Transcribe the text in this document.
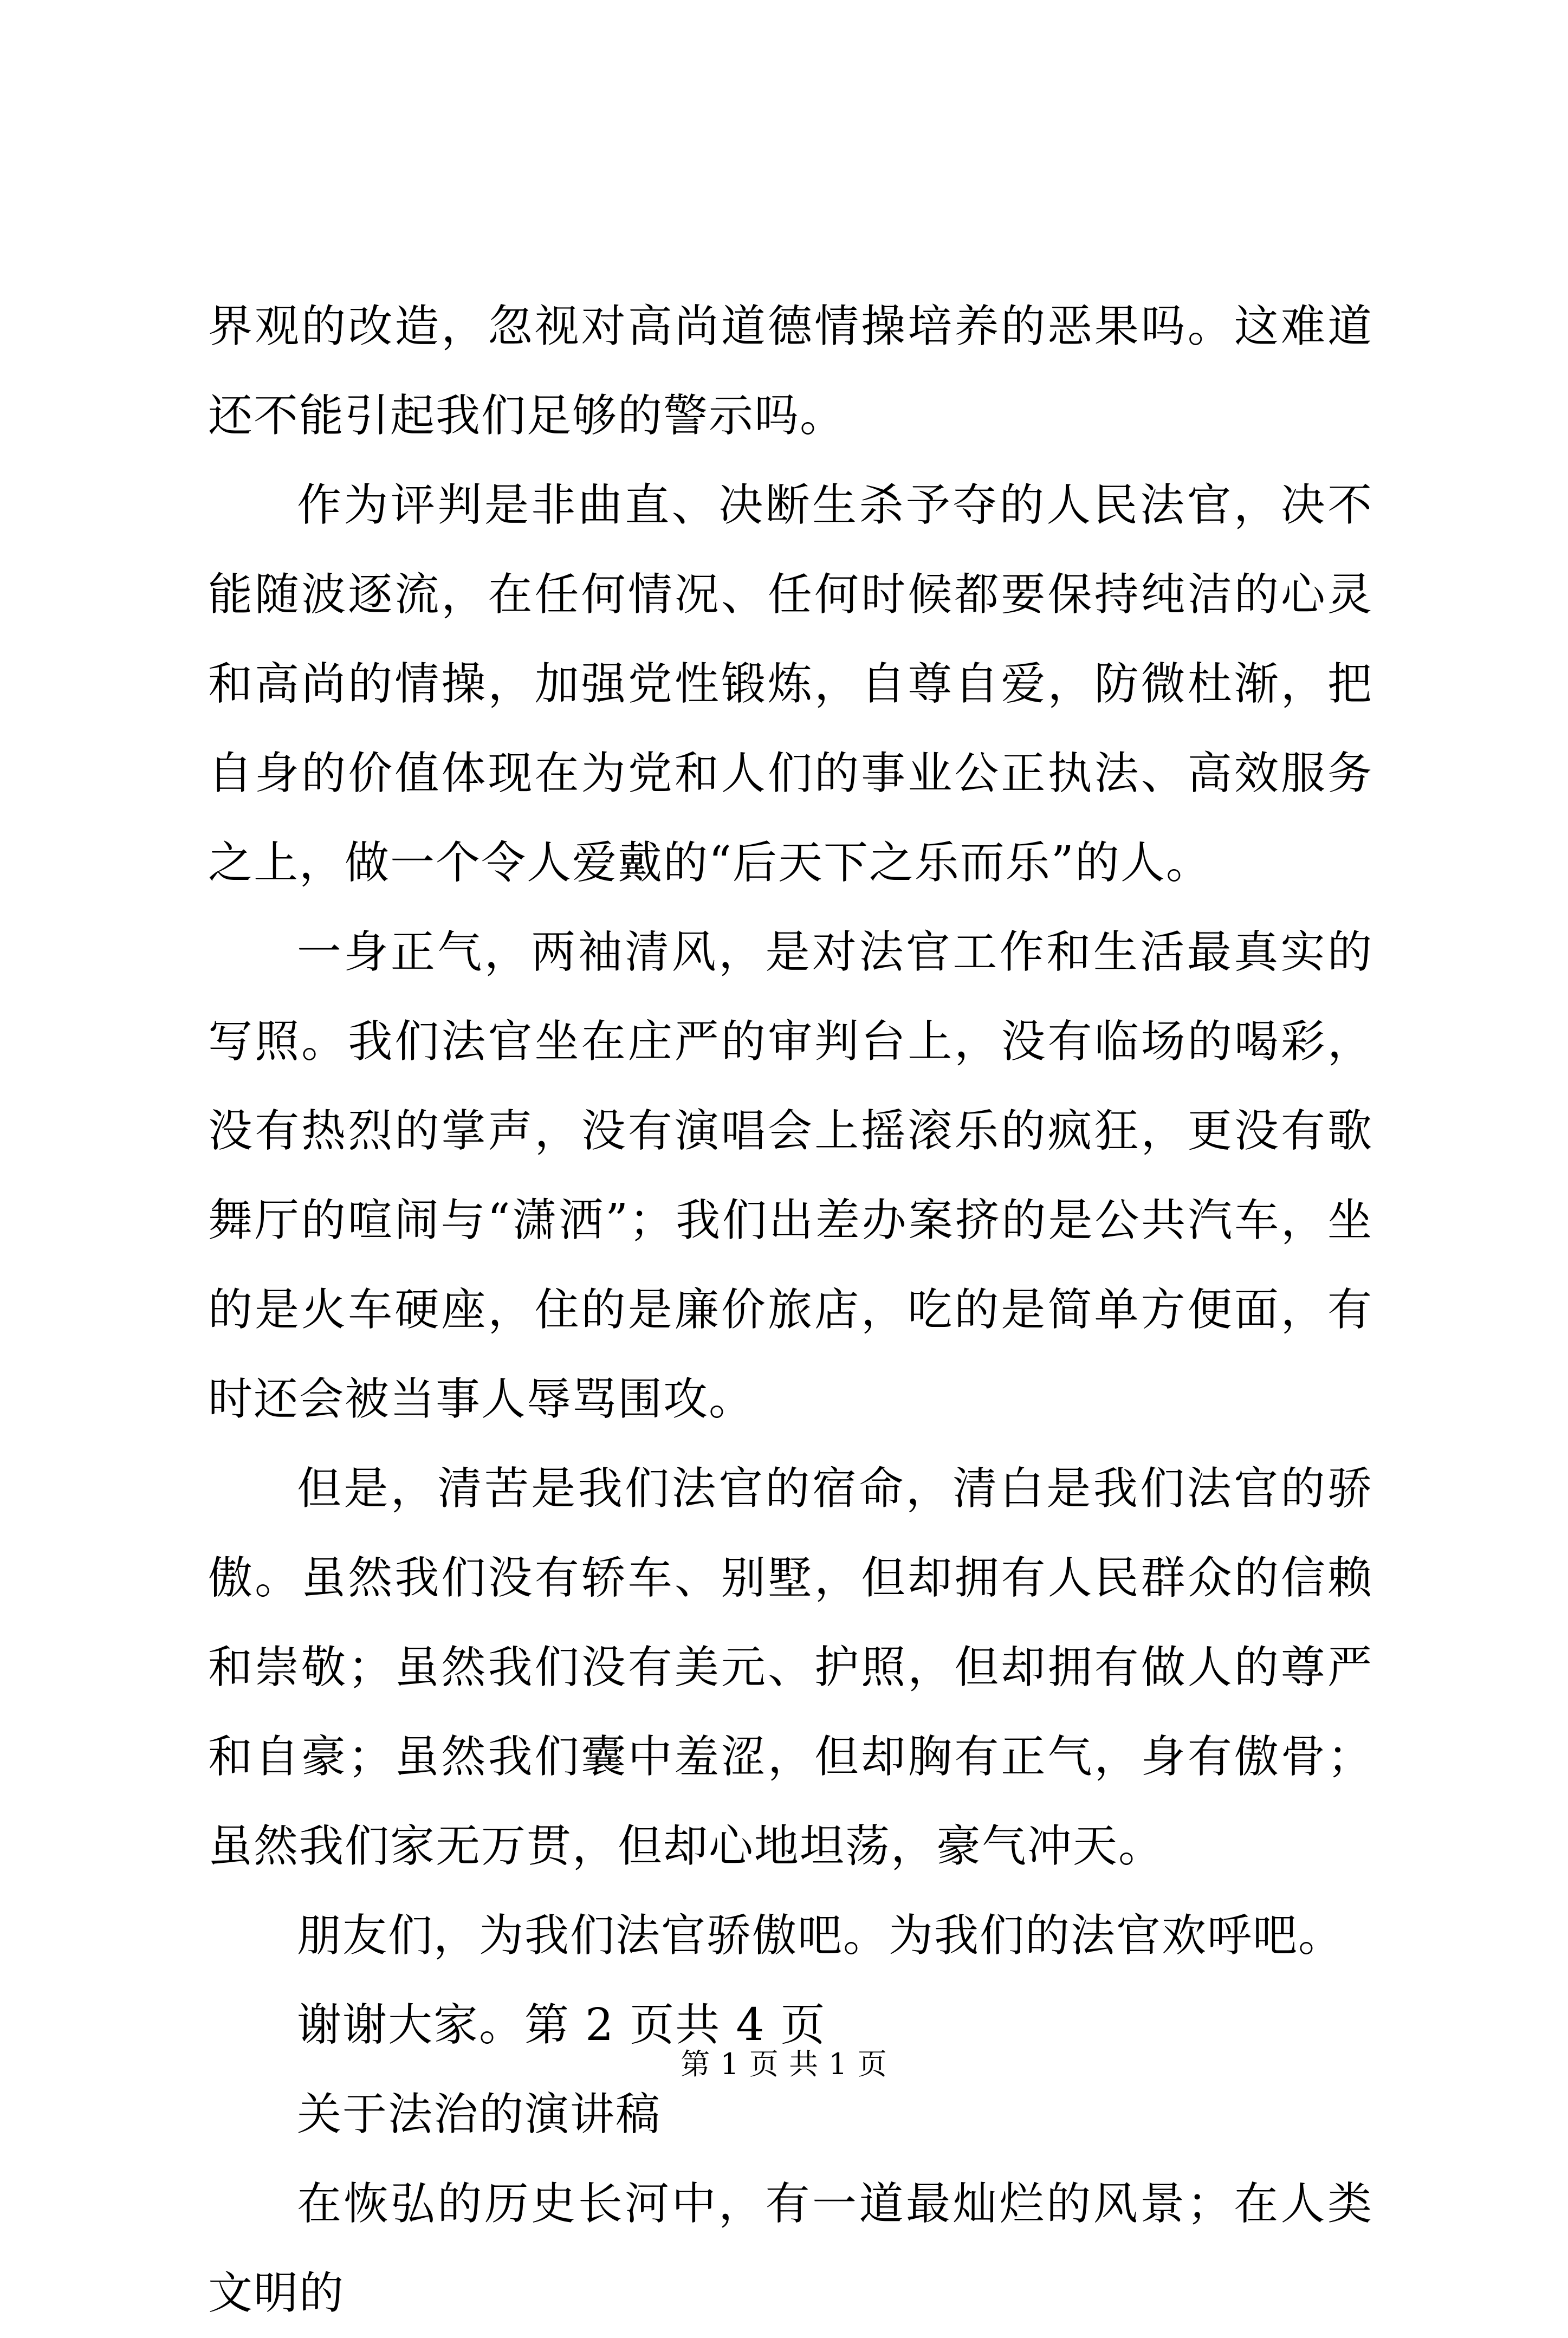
界观的改造，忽视对高尚道德情操培养的恶果吗。这难道还不能引起我们足够的警示吗。

作为评判是非曲直、决断生杀予夺的人民法官，决不能随波逐流，在任何情况、任何时候都要保持纯洁的心灵和高尚的情操，加强党性锻炼，自尊自爱，防微杜渐，把自身的价值体现在为党和人们的事业公正执法、高效服务之上，做一个令人爱戴的“后天下之乐而乐”的人。

一身正气，两袖清风，是对法官工作和生活最真实的写照。我们法官坐在庄严的审判台上，没有临场的喝彩，没有热烈的掌声，没有演唱会上摇滚乐的疯狂，更没有歌舞厅的喧闹与“潇洒”；我们出差办案挤的是公共汽车，坐的是火车硬座，住的是廉价旅店，吃的是简单方便面，有时还会被当事人辱骂围攻。

但是，清苦是我们法官的宿命，清白是我们法官的骄傲。虽然我们没有轿车、别墅，但却拥有人民群众的信赖和崇敬；虽然我们没有美元、护照，但却拥有做人的尊严和自豪；虽然我们囊中羞涩，但却胸有正气，身有傲骨；虽然我们家无万贯，但却心地坦荡，豪气冲天。

朋友们，为我们法官骄傲吧。为我们的法官欢呼吧。

谢谢大家。第 2 页共 4 页

关于法治的演讲稿

在恢弘的历史长河中，有一道最灿烂的风景；在人类文明的

第 1 页 共 1 页
